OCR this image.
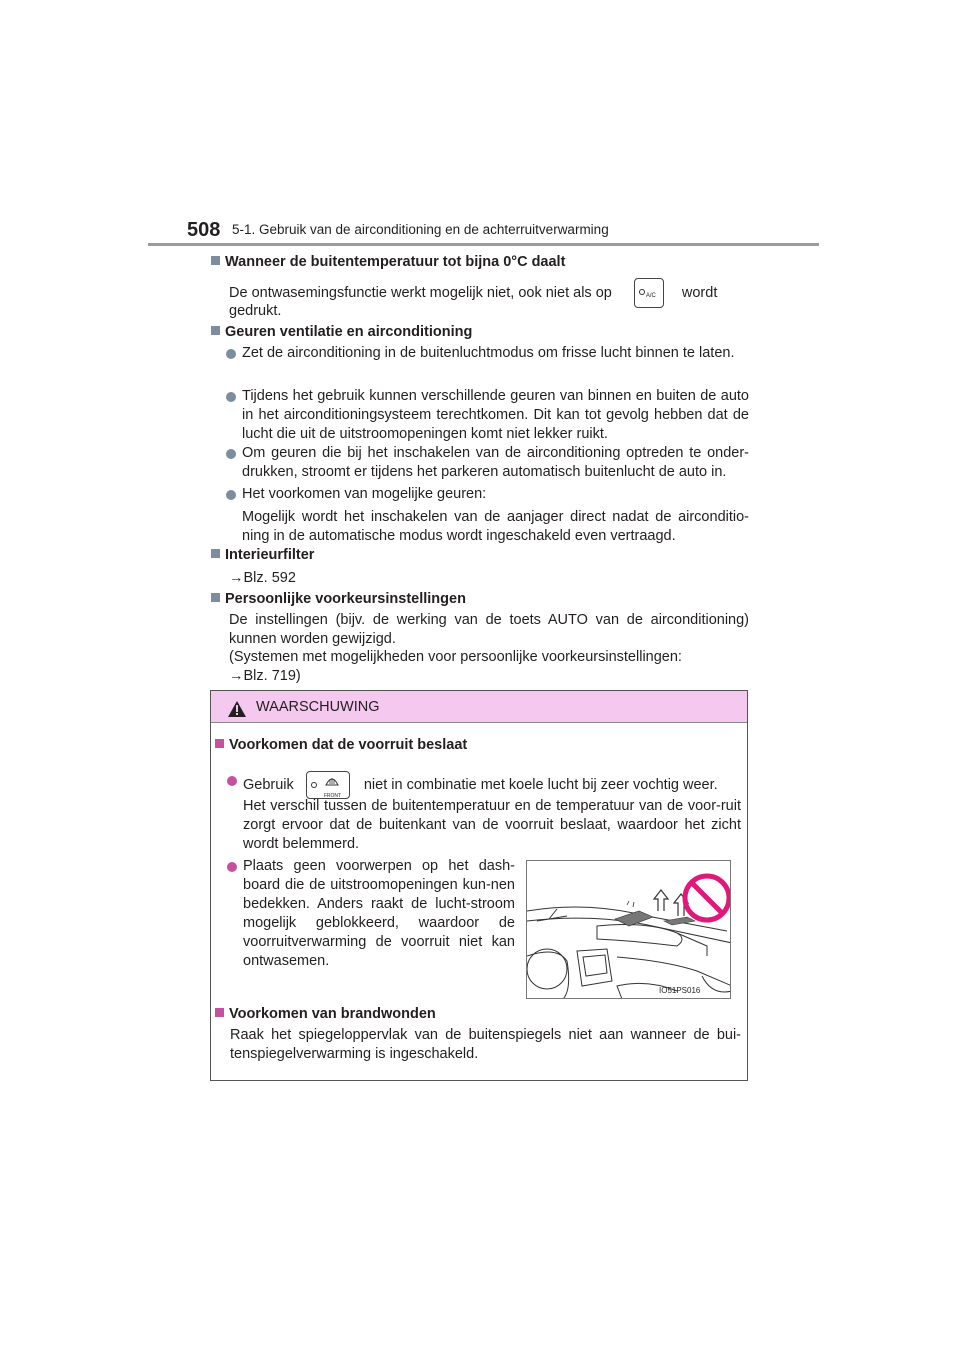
508 5-1. Gebruik van de airconditioning en de achterruitverwarming
Wanneer de buitentemperatuur tot bijna 0°C daalt
De ontwasemingsfunctie werkt mogelijk niet, ook niet als op	A/C wordt
gedrukt.
Geuren ventilatie en airconditioning
Zet de airconditioning in de buitenluchtmodus om frisse lucht binnen te laten.
Tijdens het gebruik kunnen verschillende geuren van binnen en buiten de auto in het airconditioningsysteem terechtkomen. Dit kan tot gevolg hebben dat de lucht die uit de uitstroomopeningen komt niet lekker ruikt.
Om geuren die bij het inschakelen van de airconditioning optreden te onder-drukken, stroomt er tijdens het parkeren automatisch buitenlucht de auto in.
Het voorkomen van mogelijke geuren:
Mogelijk wordt het inschakelen van de aanjager direct nadat de airconditio-ning in de automatische modus wordt ingeschakeld even vertraagd.
Interieurfilter
→Blz. 592
Persoonlijke voorkeursinstellingen
De instellingen (bijv. de werking van de toets AUTO van de airconditioning) kunnen worden gewijzigd.
(Systemen met mogelijkheden voor persoonlijke voorkeursinstellingen:
→Blz. 719)
WAARSCHUWING
Voorkomen dat de voorruit beslaat
Gebruik
FRONT
niet in combinatie met koele lucht bij zeer vochtig weer.
Het verschil tussen de buitentemperatuur en de temperatuur van de voor-ruit zorgt ervoor dat de buitenkant van de voorruit beslaat, waardoor het zicht wordt belemmerd.
Plaats geen voorwerpen op het dash-board die de uitstroomopeningen kun-nen bedekken. Anders raakt de lucht-stroom mogelijk geblokkeerd, waardoor de voorruitverwarming de voorruit niet kan ontwasemen.
IO51PS016
Voorkomen van brandwonden
Raak het spiegeloppervlak van de buitenspiegels niet aan wanneer de bui-tenspiegelverwarming is ingeschakeld.
